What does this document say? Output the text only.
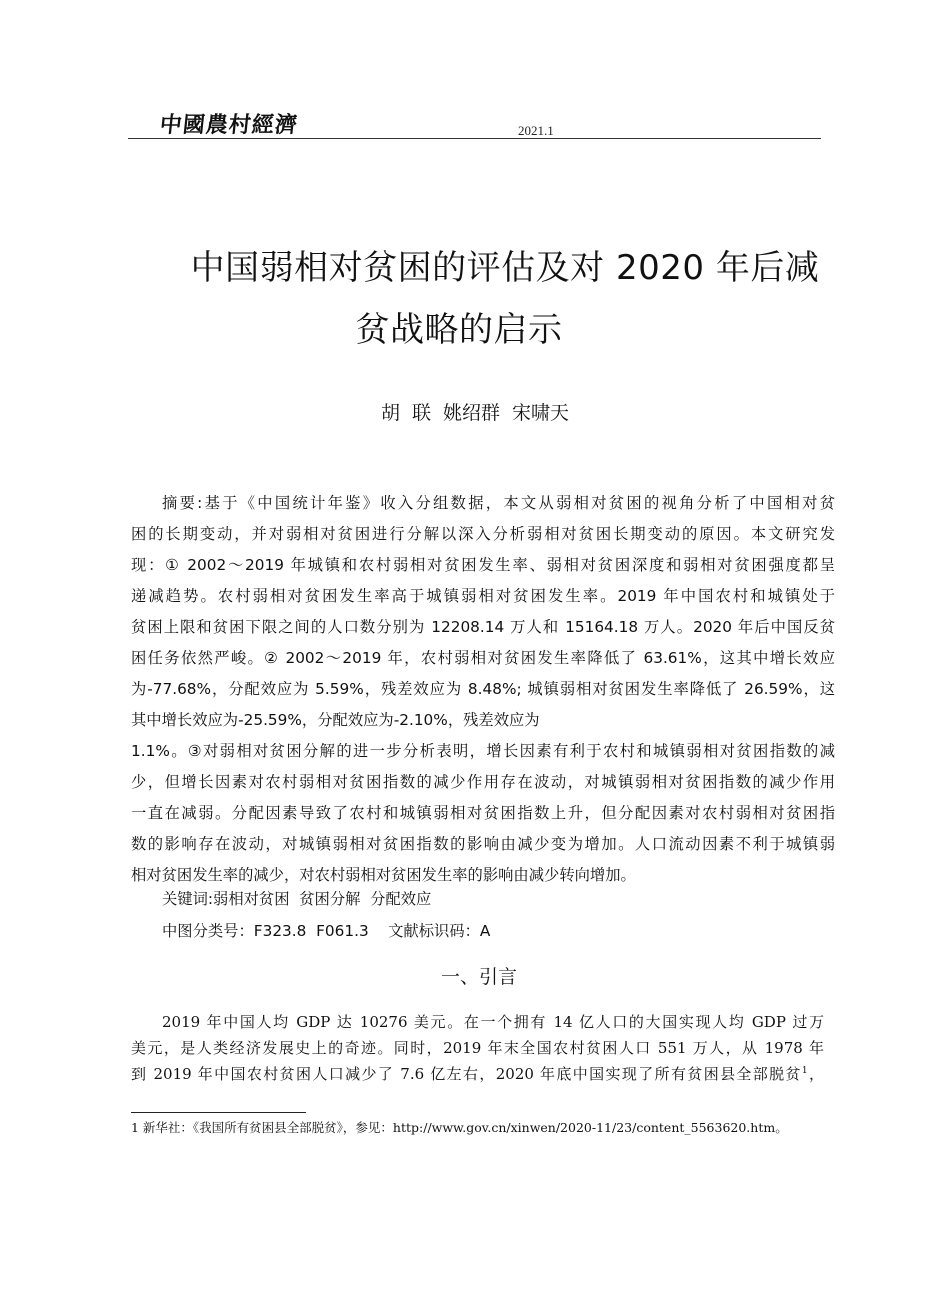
中國農村經濟	2021.1
中国弱相对贫困的评估及对 2020 年后减
贫战略的启示
胡 联 姚绍群 宋啸天
摘要:基于《中国统计年鉴》收入分组数据，本文从弱相对贫困的视角分析了中国相对贫
困的长期变动，并对弱相对贫困进行分解以深入分析弱相对贫困长期变动的原因。本文研究发
现：① 2002～2019 年城镇和农村弱相对贫困发生率、弱相对贫困深度和弱相对贫困强度都呈
递减趋势。农村弱相对贫困发生率高于城镇弱相对贫困发生率。2019 年中国农村和城镇处于
贫困上限和贫困下限之间的人口数分别为 12208.14 万人和 15164.18 万人。2020 年后中国反贫
困任务依然严峻。② 2002～2019 年，农村弱相对贫困发生率降低了 63.61%，这其中增长效应
为-77.68%，分配效应为 5.59%，残差效应为 8.48%; 城镇弱相对贫困发生率降低了 26.59%，这
其中增长效应为-25.59%，分配效应为-2.10%，残差效应为
1.1%。③对弱相对贫困分解的进一步分析表明，增长因素有利于农村和城镇弱相对贫困指数的减
少，但增长因素对农村弱相对贫困指数的减少作用存在波动，对城镇弱相对贫困指数的减少作用
一直在减弱。分配因素导致了农村和城镇弱相对贫困指数上升，但分配因素对农村弱相对贫困指
数的影响存在波动，对城镇弱相对贫困指数的影响由减少变为增加。人口流动因素不利于城镇弱
相对贫困发生率的减少，对农村弱相对贫困发生率的影响由减少转向增加。
关键词:弱相对贫困  贫困分解  分配效应
中图分类号：F323.8  F061.3    文献标识码：A
一、引言
2019 年中国人均 GDP 达 10276 美元。在一个拥有 14 亿人口的大国实现人均 GDP 过万
美元，是人类经济发展史上的奇迹。同时，2019 年末全国农村贫困人口 551 万人，从 1978 年
到 2019 年中国农村贫困人口减少了 7.6 亿左右，2020 年底中国实现了所有贫困县全部脱贫$^1$，
1 新华社：《我国所有贫困县全部脱贫》，参见：http://www.gov.cn/xinwen/2020-11/23/content_5563620.htm。
